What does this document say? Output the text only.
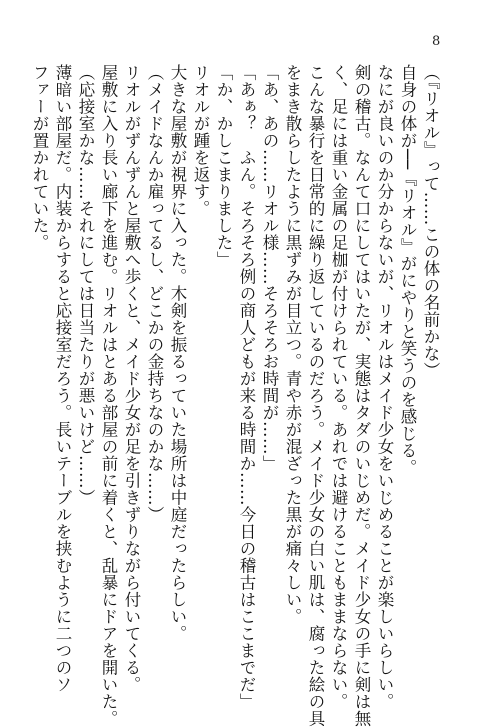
8
（『リオル』って……この体の名前かな）
自身の体が──『リオル』がにやりと笑うのを感じる。
なにが良いのか分からないが、リオルはメイド少女をいじめることが楽しいらしい。
剣の稽古。なんて口にしてはいたが、実態はタダのいじめだ。メイド少女の手に剣は無
く、足には重い金属の足枷が付けられている。あれでは避けることもままならない。
こんな暴行を日常的に繰り返しているのだろう。メイド少女の白い肌は、腐った絵の具
をまき散らしたように黒ずみが目立つ。青や赤が混ざった黒が痛々しい。
「あ、あの……リオル様……そろそろお時間が……」
「あぁ？　ふん。そろそろ例の商人どもが来る時間か……今日の稽古はここまでだ」
「か、かしこまりました」
リオルが踵を返す。
大きな屋敷が視界に入った。木剣を振るっていた場所は中庭だったらしい。
（メイドなんか雇ってるし、どこかの金持ちなのかな……）
リオルがずんずんと屋敷へ歩くと、メイド少女が足を引きずりながら付いてくる。
屋敷に入り長い廊下を進む。リオルはとある部屋の前に着くと、乱暴にドアを開いた。
（応接室かな……それにしては日当たりが悪いけど……）
薄暗い部屋だ。内装からすると応接室だろう。長いテーブルを挟むように二つのソ
ファーが置かれていた。
